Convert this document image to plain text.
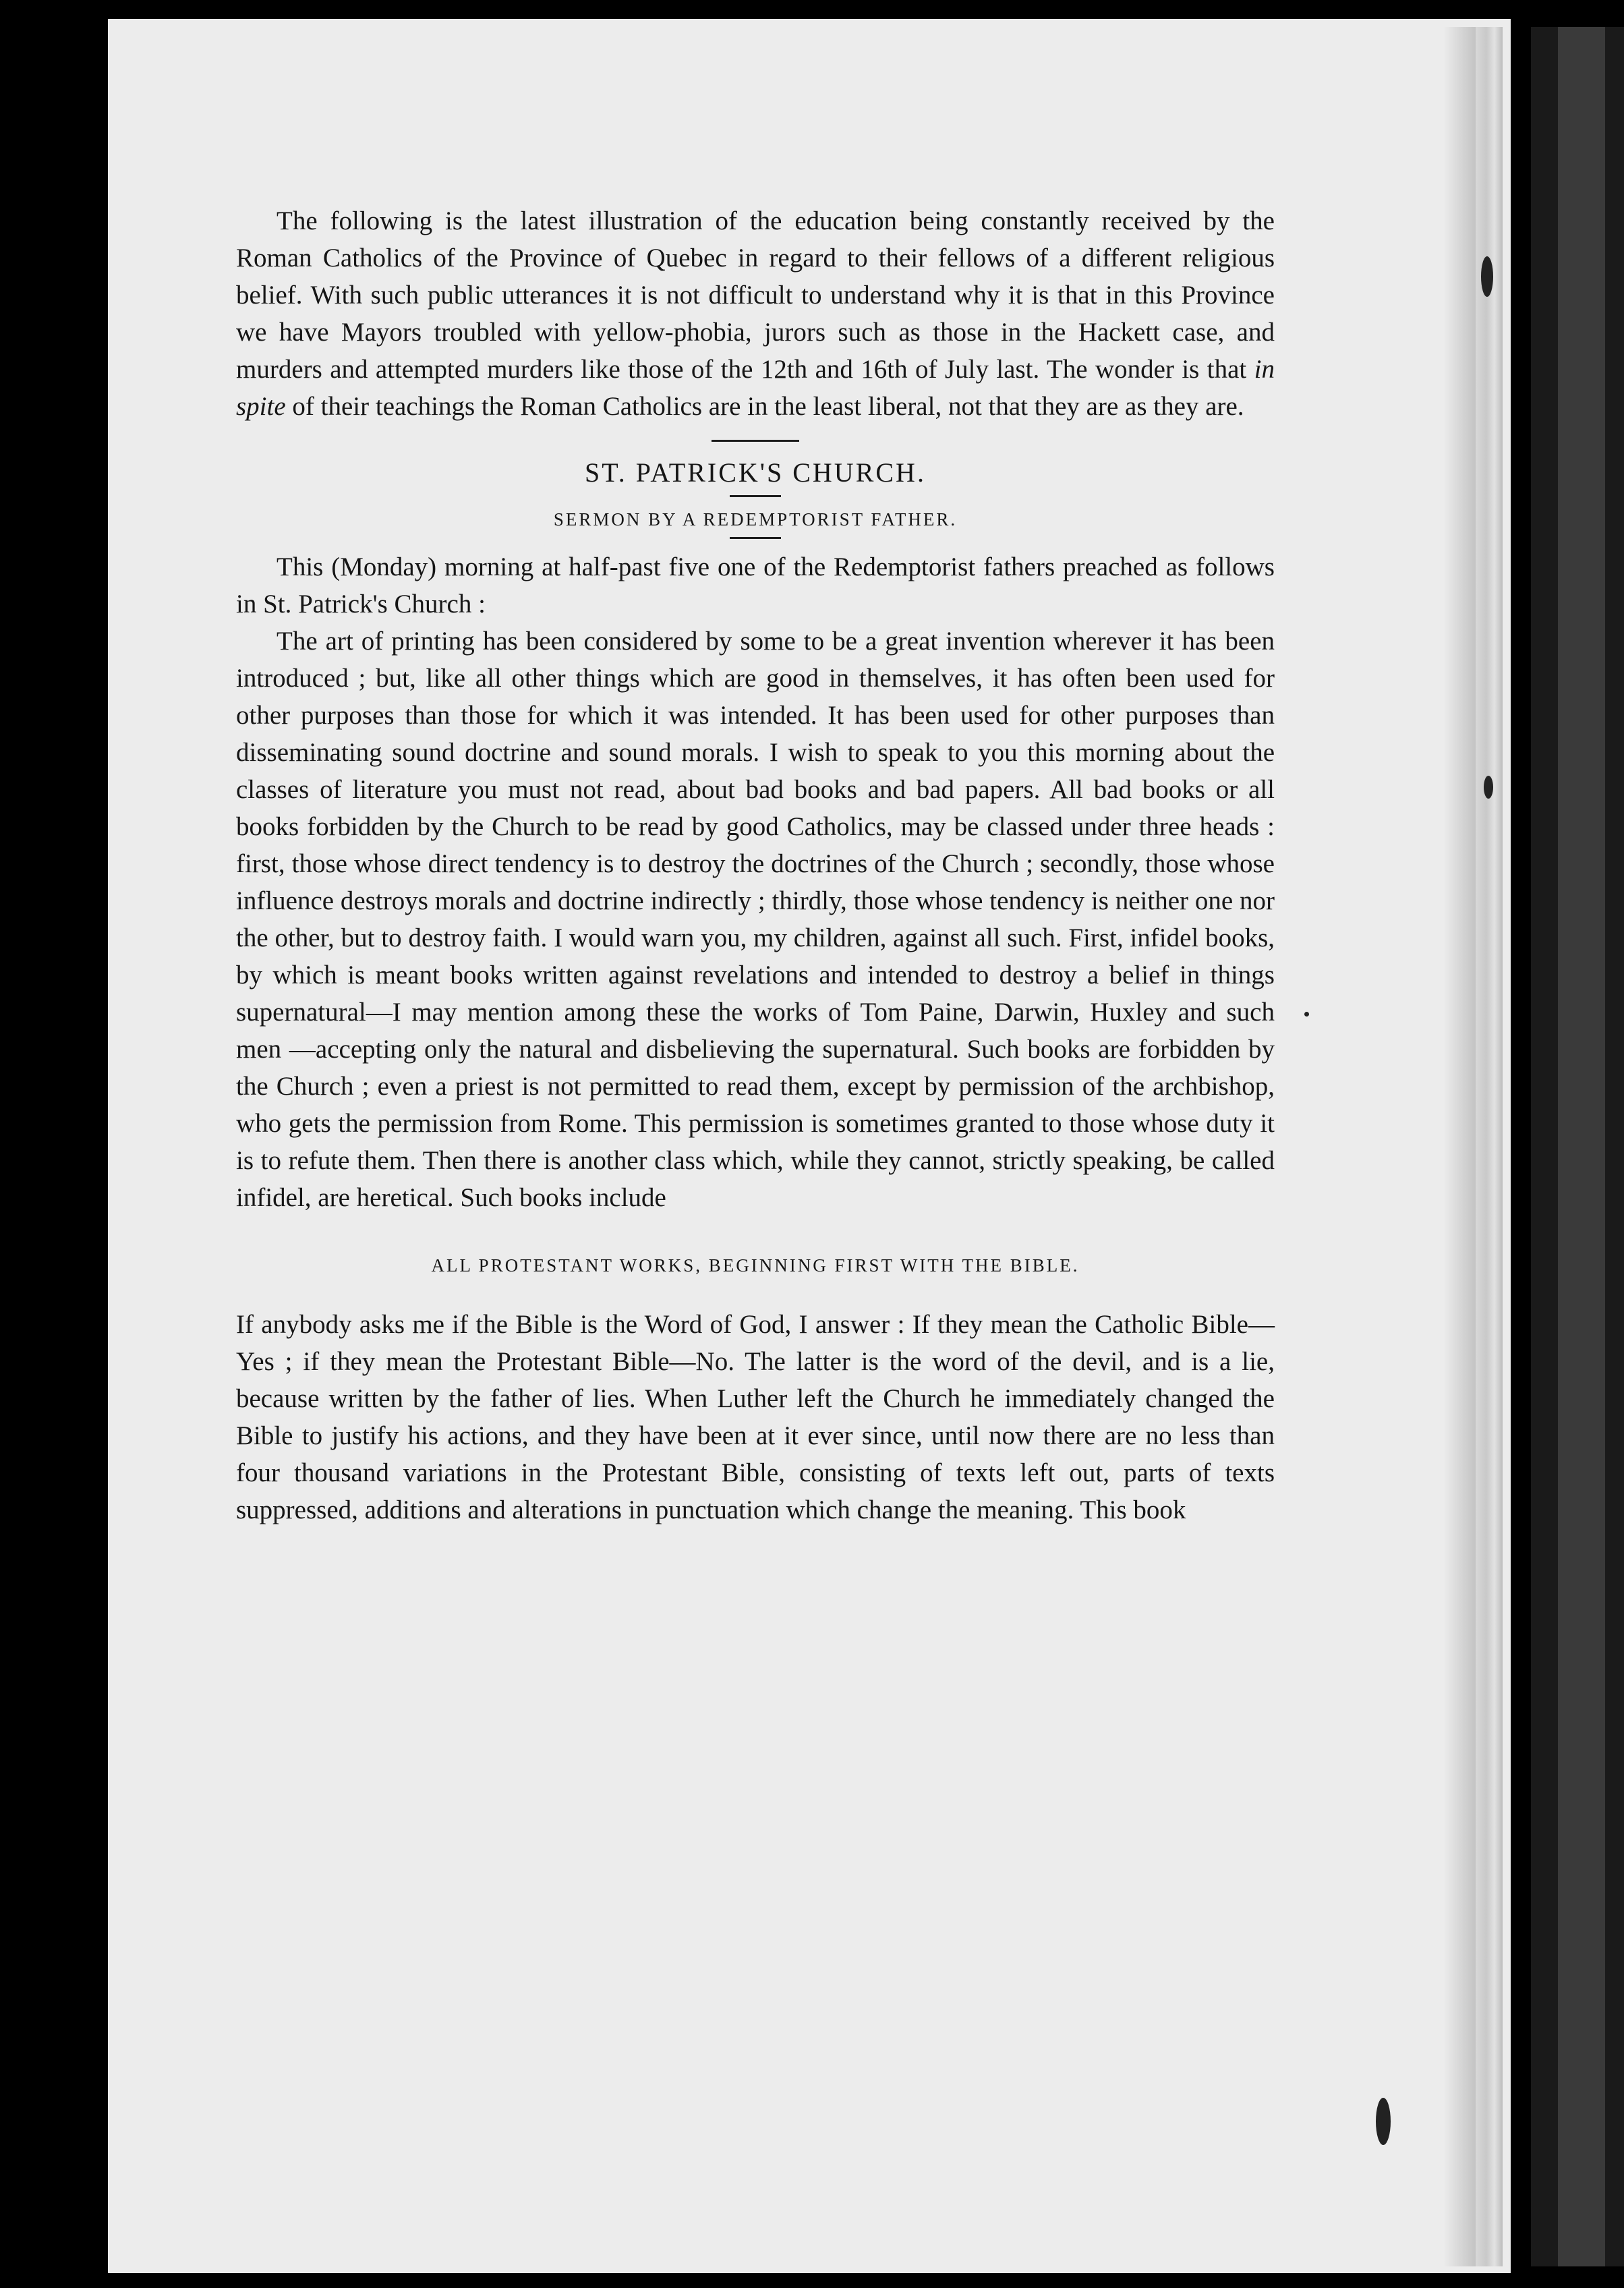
The following is the latest illustration of the education being constantly received by the Roman Catholics of the Province of Quebec in regard to their fellows of a different religious belief. With such public utterances it is not difficult to understand why it is that in this Province we have Mayors troubled with yellow-phobia, jurors such as those in the Hackett case, and murders and attempted murders like those of the 12th and 16th of July last. The wonder is that in spite of their teachings the Roman Catholics are in the least liberal, not that they are as they are.

ST. PATRICK'S CHURCH.
SERMON BY A REDEMPTORIST FATHER.

This (Monday) morning at half-past five one of the Redemptorist fathers preached as follows in St. Patrick's Church :

The art of printing has been considered by some to be a great invention wherever it has been introduced ; but, like all other things which are good in themselves, it has often been used for other purposes than those for which it was intended. It has been used for other purposes than disseminating sound doctrine and sound morals. I wish to speak to you this morning about the classes of literature you must not read, about bad books and bad papers. All bad books or all books forbidden by the Church to be read by good Catholics, may be classed under three heads : first, those whose direct tendency is to destroy the doctrines of the Church ; secondly, those whose influence destroys morals and doctrine indirectly ; thirdly, those whose tendency is neither one nor the other, but to destroy faith. I would warn you, my children, against all such. First, infidel books, by which is meant books written against revelations and intended to destroy a belief in things supernatural—I may mention among these the works of Tom Paine, Darwin, Huxley and such men —accepting only the natural and disbelieving the supernatural. Such books are forbidden by the Church ; even a priest is not permitted to read them, except by permission of the archbishop, who gets the permission from Rome. This permission is sometimes granted to those whose duty it is to refute them. Then there is another class which, while they cannot, strictly speaking, be called infidel, are heretical. Such books include

ALL PROTESTANT WORKS, BEGINNING FIRST WITH THE BIBLE.

If anybody asks me if the Bible is the Word of God, I answer : If they mean the Catholic Bible—Yes ; if they mean the Protestant Bible—No. The latter is the word of the devil, and is a lie, because written by the father of lies. When Luther left the Church he immediately changed the Bible to justify his actions, and they have been at it ever since, until now there are no less than four thousand variations in the Protestant Bible, consisting of texts left out, parts of texts suppressed, additions and alterations in punctuation which change the meaning. This book
